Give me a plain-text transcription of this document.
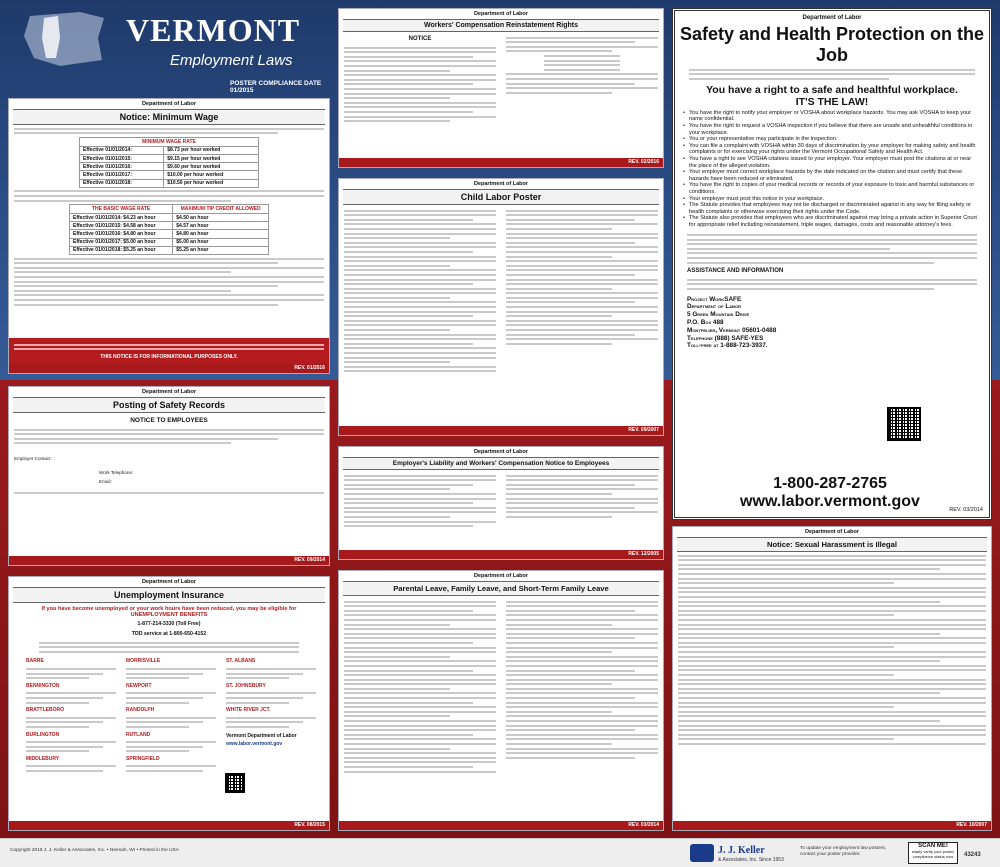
VERMONT
Employment Laws
POSTER COMPLIANCE DATE 01/2015
Department of Labor
Notice: Minimum Wage
MINIMUM WAGE RATE	
Effective 01/01/2014:	$8.73 per hour worked
Effective 01/01/2015:	$9.15 per hour worked
Effective 01/01/2016:	$9.60 per hour worked
Effective 01/01/2017:	$10.00 per hour worked
Effective 01/01/2018:	$10.50 per hour worked
THE BASIC WAGE RATE	MAXIMUM TIP CREDIT ALLOWED
Effective 01/01/2014: $4.23 an hour	$4.50 an hour
Effective 01/01/2015: $4.58 an hour	$4.57 an hour
Effective 01/01/2016: $4.80 an hour	$4.80 an hour
Effective 01/01/2017: $5.00 an hour	$5.00 an hour
Effective 01/01/2018: $5.25 an hour	$5.25 an hour
THIS NOTICE IS FOR INFORMATIONAL PURPOSES ONLY.
REV. 01/2016
Department of Labor
Posting of Safety Records
NOTICE TO EMPLOYEES
Employer Contact:
Work Telephone:
Email:
REV. 09/2014
Department of Labor
Unemployment Insurance
If you have become unemployed or your work hours have been reduced, you may be eligible for UNEMPLOYMENT BENEFITS
1-877-214-3330 (Toll Free)
TDD service at 1-800-650-4152
BARRE
BENNINGTON
BRATTLEBORO
BURLINGTON
MIDDLEBURY
MORRISVILLE
NEWPORT
RANDOLPH
RUTLAND
SPRINGFIELD
ST. ALBANS
ST. JOHNSBURY
WHITE RIVER JCT.
Vermont Department of Labor
www.labor.vermont.gov
REV. 08/2015
Department of Labor
Workers' Compensation Reinstatement Rights
NOTICE
REV. 02/2016
Department of Labor
Child Labor Poster
REV. 09/2007
Department of Labor
Employer's Liability and Workers' Compensation Notice to Employees
REV. 12/2005
Department of Labor
Parental Leave, Family Leave, and Short-Term Family Leave
REV. 03/2014
Department of Labor
Safety and Health Protection on the Job
You have a right to a safe and healthful workplace.
IT'S THE LAW!
• You have the right to notify your employer or VOSHA about workplace hazards. You may ask VOSHA to keep your name confidential.
• You have the right to request a VOSHA inspection if you believe that there are unsafe and unhealthful conditions in your workplace.
• You or your representative may participate in the inspection.
• You can file a complaint with VOSHA within 30 days of discrimination by your employer for making safety and health complaints or for exercising your rights under the Vermont Occupational Safety and Health Act.
• You have a right to see VOSHA citations issued to your employer. Your employer must post the citations at or near the place of the alleged violation.
• Your employer must correct workplace hazards by the date indicated on the citation and must certify that these hazards have been reduced or eliminated.
• You have the right to copies of your medical records or records of your exposure to toxic and harmful substances or conditions.
• Your employer must post this notice in your workplace.
• The Statute provides that employees may not be discharged or discriminated against in any way for filing safety or health complaints or otherwise exercising their rights under the Code.
• The Statute also provides that employees who are discriminated against may bring a private action in Superior Court for appropriate relief including reinstatement, triple wages, damages, costs and reasonable attorney's fees.
ASSISTANCE AND INFORMATION
Project WorkSAFE
Department of Labor
5 Green Mountain Drive
P.O. Box 488
Montpelier, Vermont 05601-0488
Telephone (888) SAFE-YES
Toll-free at 1-888-723-3937.
1-800-287-2765
www.labor.vermont.gov	REV. 03/2014
Department of Labor
Notice: Sexual Harassment is Illegal
REV. 10/2007
Copyright 2016 J. J. Keller & Associates, Inc. • Neenah, WI • Printed in the USA	J. J. Keller
& Associates, Inc. Since 1953
To update your employment law posters, contact your poster provider.
SCAN ME!
easily verify your poster compliance status now	43243
